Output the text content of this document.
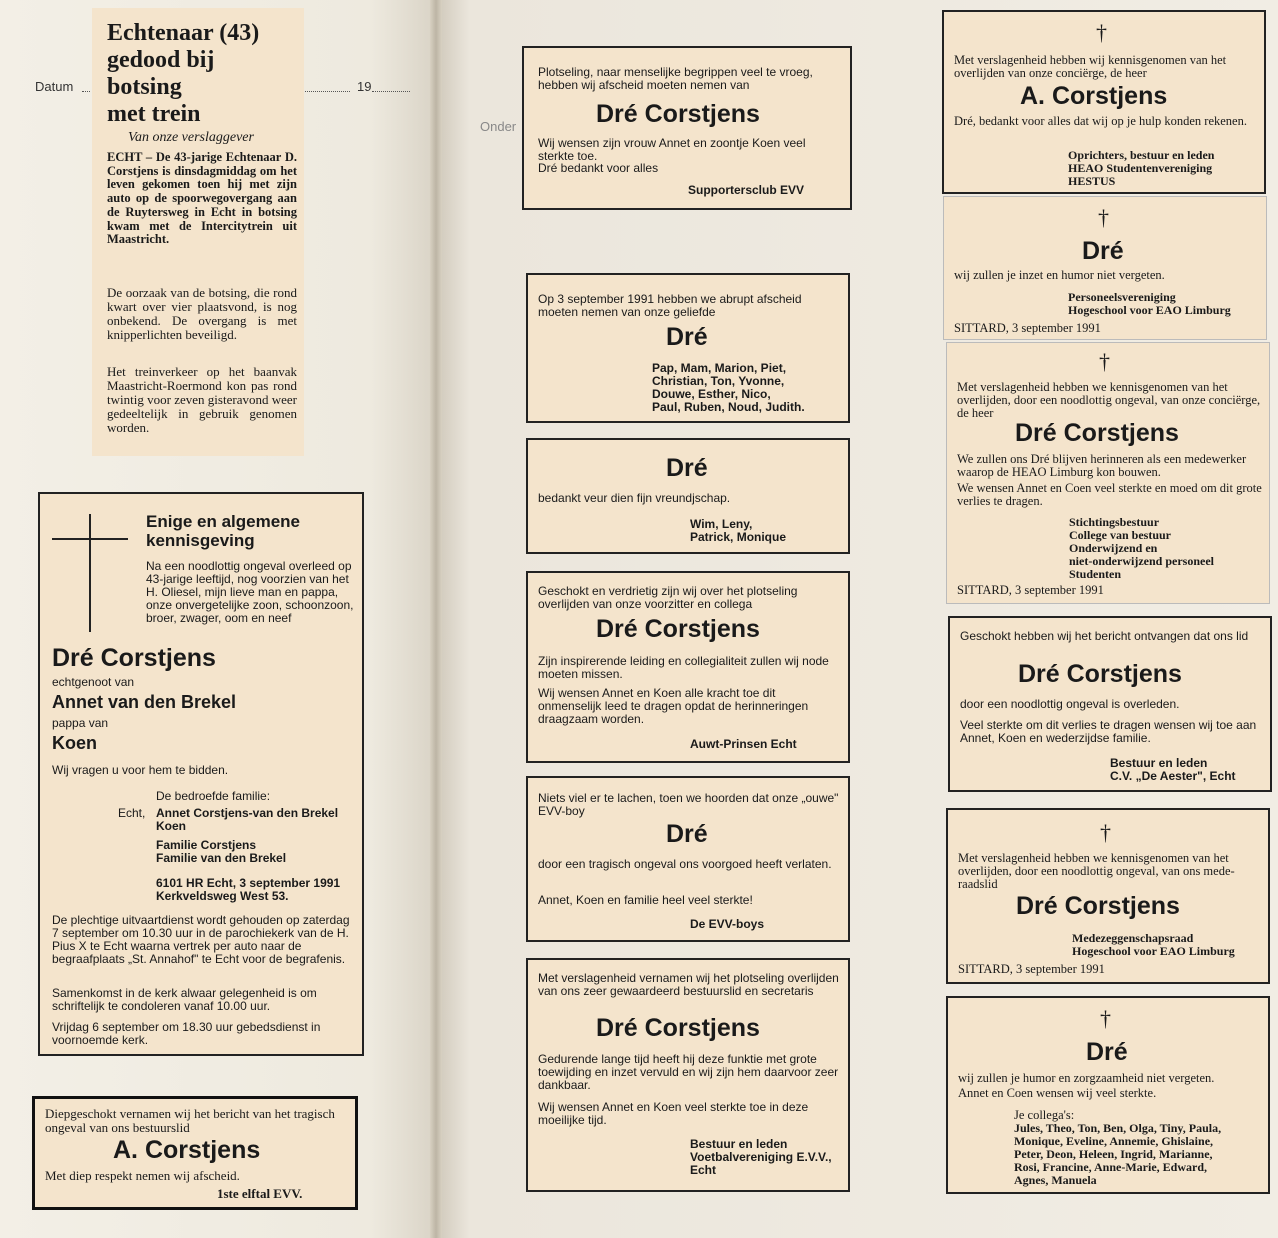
Datum	19
Onder
Echtenaar (43)
gedood bij
botsing
met trein
Van onze verslaggever
ECHT – De 43-jarige Echtenaar D. Corstjens is dinsdagmiddag om het leven gekomen toen hij met zijn auto op de spoorwegovergang aan de Ruytersweg in Echt in botsing kwam met de Intercitytrein uit Maastricht.
De oorzaak van de botsing, die rond kwart over vier plaatsvond, is nog onbekend. De overgang is met knipperlichten beveiligd.
Het treinverkeer op het baanvak Maastricht-Roermond kon pas rond twintig voor zeven gisteravond weer gedeeltelijk in gebruik genomen worden.
Enige en algemene kennisgeving
Na een noodlottig ongeval overleed op 43-jarige leeftijd, nog voorzien van het H. Oliesel, mijn lieve man en pappa, onze onvergetelijke zoon, schoonzoon, broer, zwager, oom en neef
Dré Corstjens
echtgenoot van
Annet van den Brekel
pappa van
Koen
Wij vragen u voor hem te bidden.
De bedroefde familie:
Echt, Annet Corstjens-van den Brekel
Koen
Familie Corstjens
Familie van den Brekel
6101 HR Echt, 3 september 1991
Kerkveldsweg West 53.
De plechtige uitvaartdienst wordt gehouden op zaterdag 7 september om 10.30 uur in de parochiekerk van de H. Pius X te Echt waarna vertrek per auto naar de begraafplaats „St. Annahof" te Echt voor de begrafenis.
Samenkomst in de kerk alwaar gelegenheid is om schriftelijk te condoleren vanaf 10.00 uur.
Vrijdag 6 september om 18.30 uur gebedsdienst in voornoemde kerk.
Diepgeschokt vernamen wij het bericht van het tragisch ongeval van ons bestuurslid
A. Corstjens
Met diep respekt nemen wij afscheid.
1ste elftal EVV.
Plotseling, naar menselijke begrippen veel te vroeg, hebben wij afscheid moeten nemen van
Dré Corstjens
Wij wensen zijn vrouw Annet en zoontje Koen veel sterkte toe.
Dré bedankt voor alles
Supportersclub EVV
Op 3 september 1991 hebben we abrupt afscheid moeten nemen van onze geliefde
Dré
Pap, Mam, Marion, Piet,
Christian, Ton, Yvonne,
Douwe, Esther, Nico,
Paul, Ruben, Noud, Judith.
Dré
bedankt veur dien fijn vreundjschap.
Wim, Leny,
Patrick, Monique
Geschokt en verdrietig zijn wij over het plotseling overlijden van onze voorzitter en collega
Dré Corstjens
Zijn inspirerende leiding en collegialiteit zullen wij node moeten missen.
Wij wensen Annet en Koen alle kracht toe dit onmenselijk leed te dragen opdat de herinneringen draagzaam worden.
Auwt-Prinsen Echt
Niets viel er te lachen, toen we hoorden dat onze „ouwe" EVV-boy
Dré
door een tragisch ongeval ons voorgoed heeft verlaten.
Annet, Koen en familie heel veel sterkte!
De EVV-boys
Met verslagenheid vernamen wij het plotseling overlijden van ons zeer gewaardeerd bestuurslid en secretaris
Dré Corstjens
Gedurende lange tijd heeft hij deze funktie met grote toewijding en inzet vervuld en wij zijn hem daarvoor zeer dankbaar.
Wij wensen Annet en Koen veel sterkte toe in deze moeilijke tijd.
Bestuur en leden
Voetbalvereniging E.V.V.,
Echt
†
Met verslagenheid hebben wij kennisgenomen van het overlijden van onze conciërge, de heer
A. Corstjens
Dré, bedankt voor alles dat wij op je hulp konden rekenen.
Oprichters, bestuur en leden
HEAO Studentenvereniging
HESTUS
†
Dré
wij zullen je inzet en humor niet vergeten.
Personeelsvereniging
Hogeschool voor EAO Limburg
SITTARD, 3 september 1991
†
Met verslagenheid hebben we kennisgenomen van het overlijden, door een noodlottig ongeval, van onze conciërge, de heer
Dré Corstjens
We zullen ons Dré blijven herinneren als een medewerker waarop de HEAO Limburg kon bouwen.
We wensen Annet en Coen veel sterkte en moed om dit grote verlies te dragen.
Stichtingsbestuur
College van bestuur
Onderwijzend en
niet-onderwijzend personeel
Studenten
SITTARD, 3 september 1991
Geschokt hebben wij het bericht ontvangen dat ons lid
Dré Corstjens
door een noodlottig ongeval is overleden.
Veel sterkte om dit verlies te dragen wensen wij toe aan Annet, Koen en wederzijdse familie.
Bestuur en leden
C.V. „De Aester", Echt
†
Met verslagenheid hebben we kennisgenomen van het overlijden, door een noodlottig ongeval, van ons mede-raadslid
Dré Corstjens
Medezeggenschapsraad
Hogeschool voor EAO Limburg
SITTARD, 3 september 1991
†
Dré
wij zullen je humor en zorgzaamheid niet vergeten.
Annet en Coen wensen wij veel sterkte.
Je collega's:
Jules, Theo, Ton, Ben, Olga, Tiny, Paula,
Monique, Eveline, Annemie, Ghislaine,
Peter, Deon, Heleen, Ingrid, Marianne,
Rosi, Francine, Anne-Marie, Edward,
Agnes, Manuela
